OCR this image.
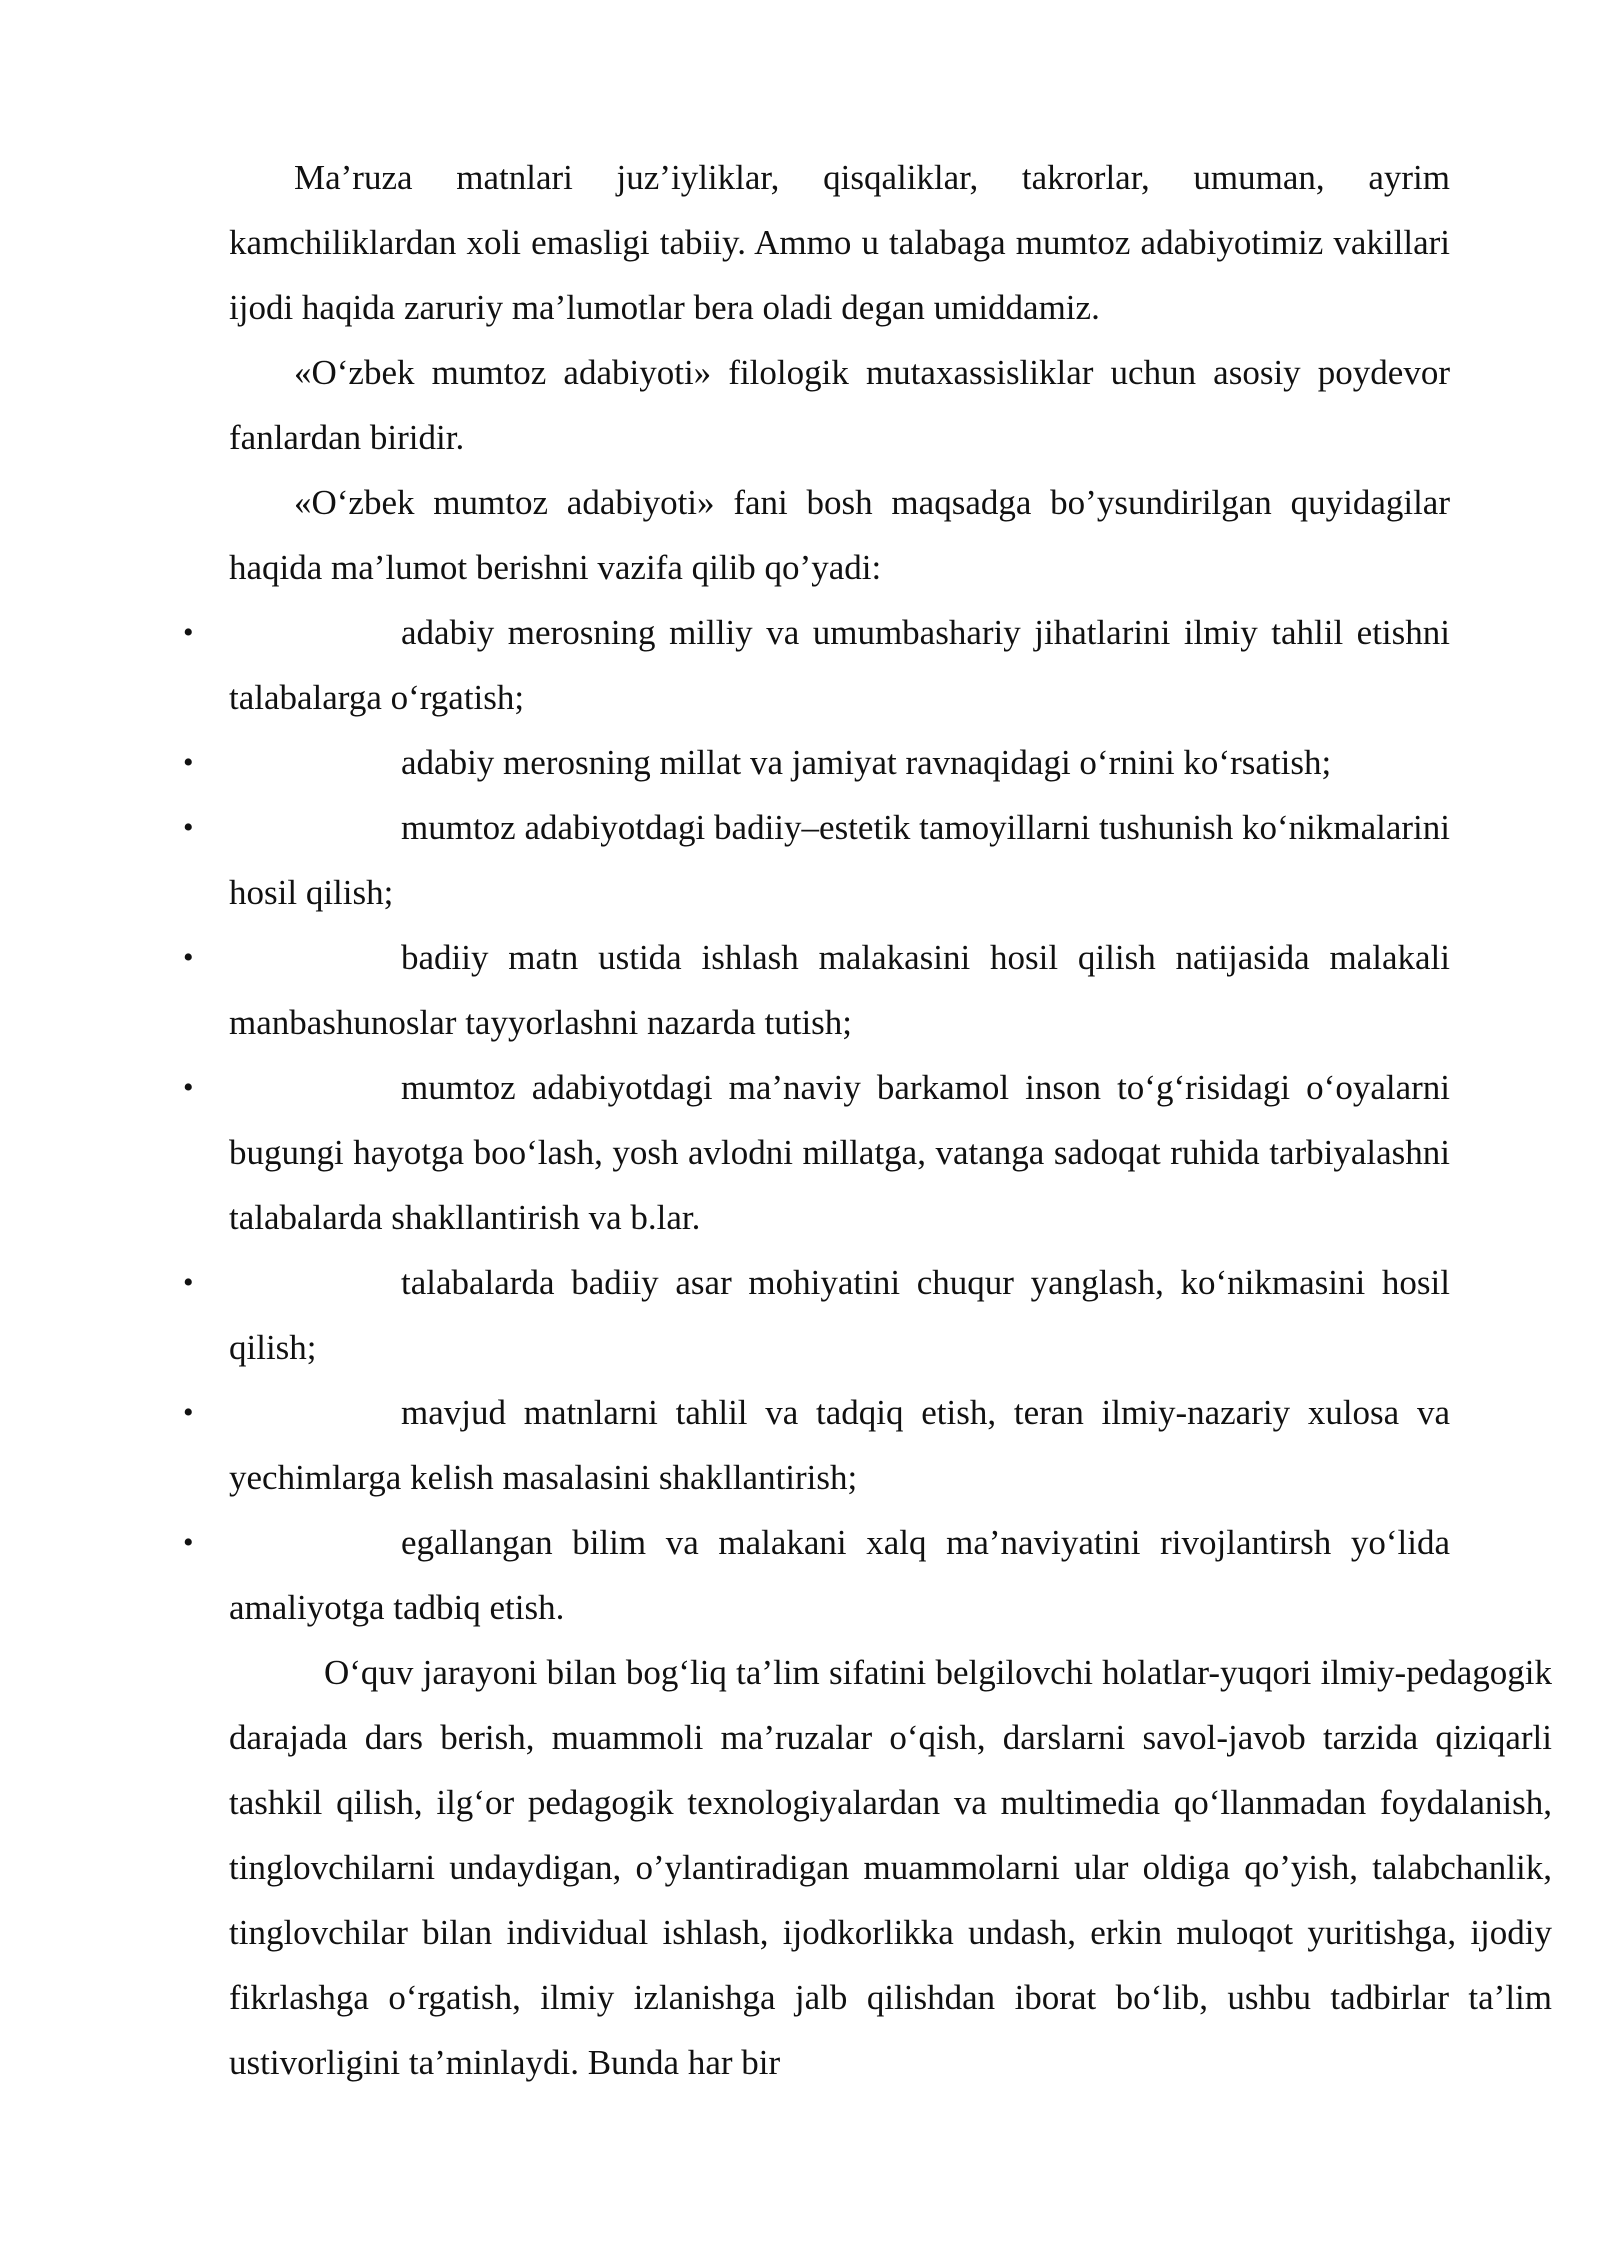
Ma’ruza matnlari juz’iyliklar, qisqaliklar, takrorlar, umuman, ayrim kamchiliklardan xoli emasligi tabiiy. Ammo u talabaga mumtoz adabiyotimiz vakillari ijodi haqida zaruriy ma’lumotlar bera oladi degan umiddamiz.

«O‘zbek mumtoz adabiyoti» filologik mutaxassisliklar uchun asosiy poydevor fanlardan biridir.

«O‘zbek mumtoz adabiyoti» fani bosh maqsadga bo’ysundirilgan quyidagilar haqida ma’lumot berishni vazifa qilib qo’yadi:

•	adabiy merosning milliy va umumbashariy jihatlarini ilmiy tahlil etishni talabalarga o‘rgatish;

•	adabiy merosning millat va jamiyat ravnaqidagi o‘rnini ko‘rsatish;

•	mumtoz adabiyotdagi badiiy–estetik tamoyillarni tushunish ko‘nikmalarini hosil qilish;

•	badiiy matn ustida ishlash malakasini hosil qilish natijasida malakali manbashunoslar tayyorlashni nazarda tutish;

•	mumtoz adabiyotdagi ma’naviy barkamol inson to‘g‘risidagi o‘oyalarni bugungi hayotga boo‘lash, yosh avlodni millatga, vatanga sadoqat ruhida tarbiyalashni talabalarda shakllantirish va b.lar.

•	talabalarda badiiy asar mohiyatini chuqur yanglash, ko‘nikmasini hosil qilish;

•	mavjud matnlarni tahlil va tadqiq etish, teran ilmiy-nazariy xulosa va yechimlarga kelish masalasini shakllantirish;

•	egallangan bilim va malakani xalq ma’naviyatini rivojlantirsh yo‘lida amaliyotga tadbiq etish.

O‘quv jarayoni bilan bog‘liq ta’lim sifatini belgilovchi holatlar-yuqori ilmiy-pedagogik darajada dars berish, muammoli ma’ruzalar o‘qish, darslarni savol-javob tarzida qiziqarli tashkil qilish, ilg‘or pedagogik texnologiyalardan va multimedia qo‘llanmadan foydalanish, tinglovchilarni undaydigan, o’ylantiradigan muammolarni ular oldiga qo’yish, talabchanlik, tinglovchilar bilan individual ishlash, ijodkorlikka undash, erkin muloqot yuritishga, ijodiy fikrlashga o‘rgatish, ilmiy izlanishga jalb qilishdan iborat bo‘lib, ushbu tadbirlar ta’lim ustivorligini ta’minlaydi. Bunda har bir
